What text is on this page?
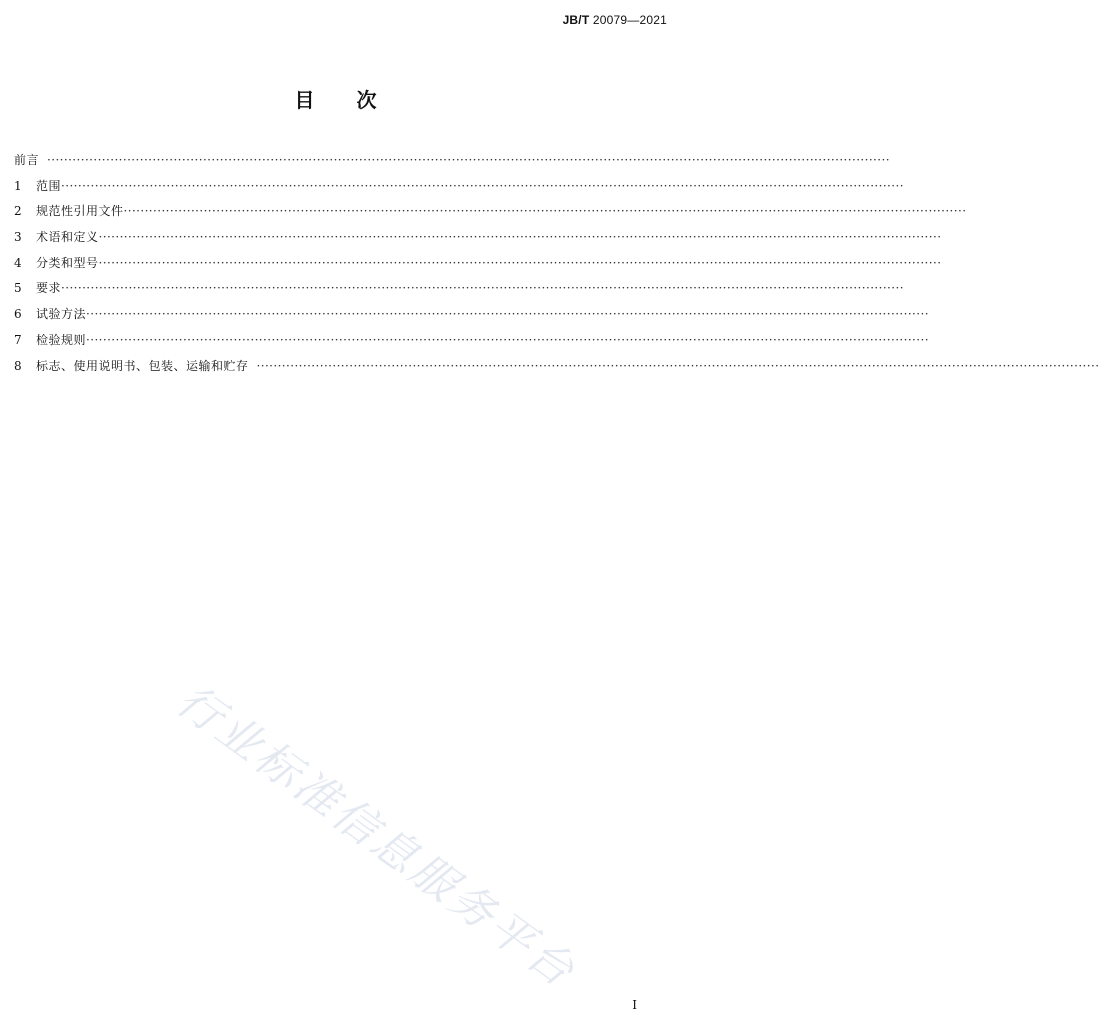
JB/T 20079—2021
目 次
前言 ········································································································································································································
1	范围 ········································································································································································································
2	规范性引用文件 ········································································································································································································
3	术语和定义 ········································································································································································································
4	分类和型号 ········································································································································································································
5	要求 ········································································································································································································
6	试验方法 ········································································································································································································
7	检验规则 ········································································································································································································
8	标志、使用说明书、包装、运输和贮存 ········································································································································································································
行业标准信息服务平台
I
